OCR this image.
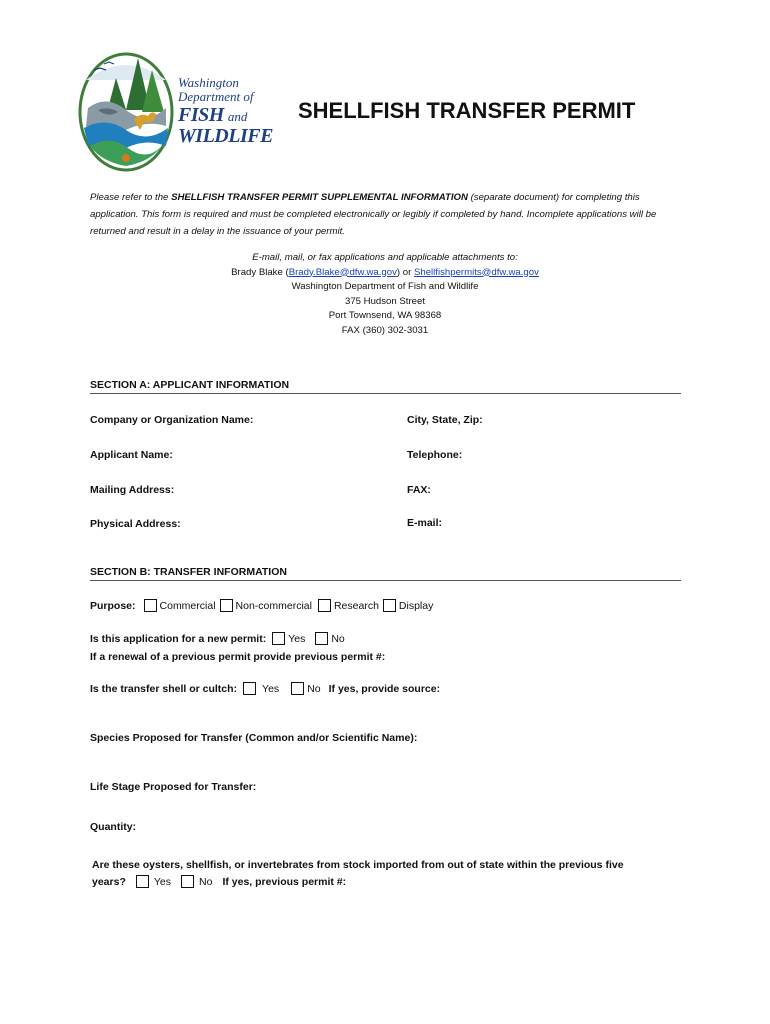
Washington
Department of
FISH and
WILDLIFE
SHELLFISH TRANSFER PERMIT
Please refer to the SHELLFISH TRANSFER PERMIT SUPPLEMENTAL INFORMATION (separate document) for completing this application. This form is required and must be completed electronically or legibly if completed by hand. Incomplete applications will be returned and result in a delay in the issuance of your permit.
E-mail, mail, or fax applications and applicable attachments to:
Brady Blake (Brady.Blake@dfw.wa.gov) or Shellfishpermits@dfw.wa.gov
Washington Department of Fish and Wildlife
375 Hudson Street
Port Townsend, WA 98368
FAX (360) 302-3031
SECTION A: APPLICANT INFORMATION
Company or Organization Name:	City, State, Zip:
Applicant Name:	Telephone:
Mailing Address:	FAX:
Physical Address:	E-mail:
SECTION B: TRANSFER INFORMATION
Purpose: Commercial Non-commercial Research Display
Is this application for a new permit: Yes No
If a renewal of a previous permit provide previous permit #:
Is the transfer shell or cultch: Yes	No If yes, provide source:
Species Proposed for Transfer (Common and/or Scientific Name):
Life Stage Proposed for Transfer:
Quantity:
Are these oysters, shellfish, or invertebrates from stock imported from out of state within the previous five
years?	Yes	No If yes, previous permit #:
